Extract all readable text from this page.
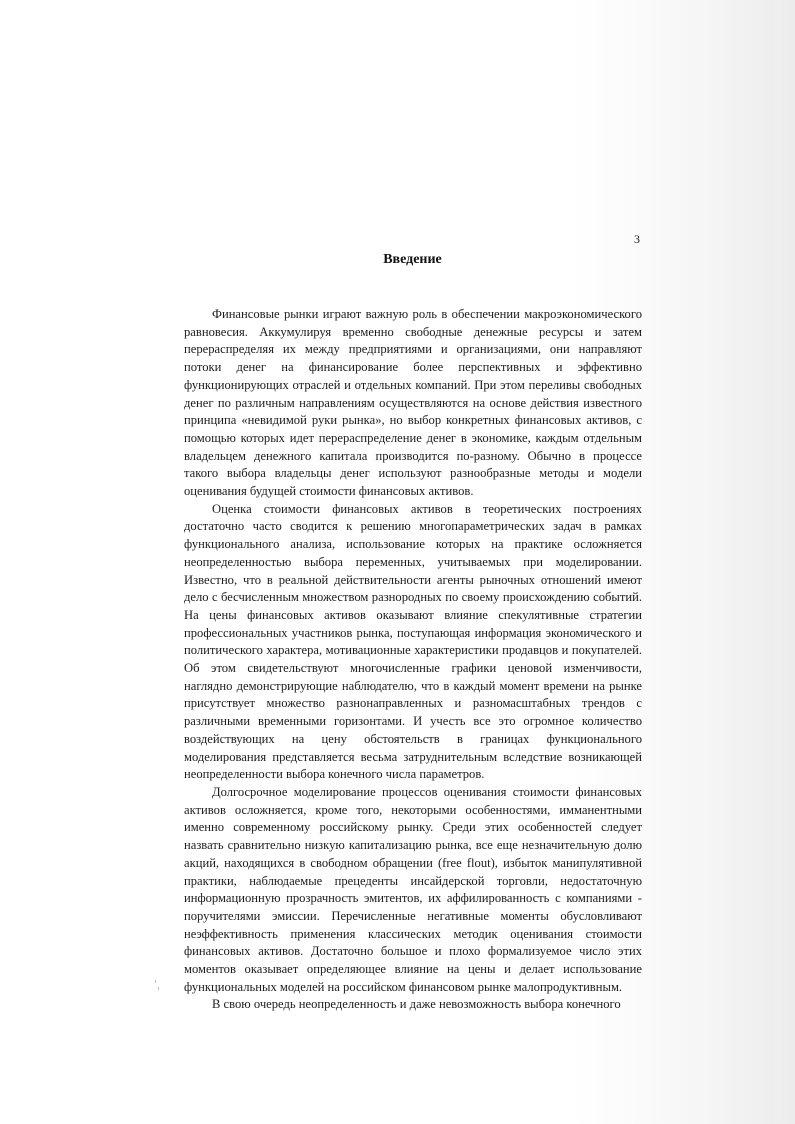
3
Введение

Финансовые рынки играют важную роль в обеспечении макроэкономического равновесия. Аккумулируя временно свободные денежные ресурсы и затем перераспределяя их между предприятиями и организациями, они направляют потоки денег на финансирование более перспективных и эффективно функционирующих отраслей и отдельных компаний. При этом переливы свободных денег по различным направлениям осуществляются на основе действия известного принципа «невидимой руки рынка», но выбор конкретных финансовых активов, с помощью которых идет перераспределение денег в экономике, каждым отдельным владельцем денежного капитала производится по-разному. Обычно в процессе такого выбора владельцы денег используют разнообразные методы и модели оценивания будущей стоимости финансовых активов.

Оценка стоимости финансовых активов в теоретических построениях достаточно часто сводится к решению многопараметрических задач в рамках функционального анализа, использование которых на практике осложняется неопределенностью выбора переменных, учитываемых при моделировании. Известно, что в реальной действительности агенты рыночных отношений имеют дело с бесчисленным множеством разнородных по своему происхождению событий. На цены финансовых активов оказывают влияние спекулятивные стратегии профессиональных участников рынка, поступающая информация экономического и политического характера, мотивационные характеристики продавцов и покупателей. Об этом свидетельствуют многочисленные графики ценовой изменчивости, наглядно демонстрирующие наблюдателю, что в каждый момент времени на рынке присутствует множество разнонаправленных и разномасштабных трендов с различными временными горизонтами. И учесть все это огромное количество воздействующих на цену обстоятельств в границах функционального моделирования представляется весьма затруднительным вследствие возникающей неопределенности выбора конечного числа параметров.

Долгосрочное моделирование процессов оценивания стоимости финансовых активов осложняется, кроме того, некоторыми особенностями, имманентными именно современному российскому рынку. Среди этих особенностей следует назвать сравнительно низкую капитализацию рынка, все еще незначительную долю акций, находящихся в свободном обращении (free flout), избыток манипулятивной практики, наблюдаемые прецеденты инсайдерской торговли, недостаточную информационную прозрачность эмитентов, их аффилированность с компаниями - поручителями эмиссии. Перечисленные негативные моменты обусловливают неэффективность применения классических методик оценивания стоимости финансовых активов. Достаточно большое и плохо формализуемое число этих моментов оказывает определяющее влияние на цены и делает использование функциональных моделей на российском финансовом рынке малопродуктивным.

В свою очередь неопределенность и даже невозможность выбора конечного
